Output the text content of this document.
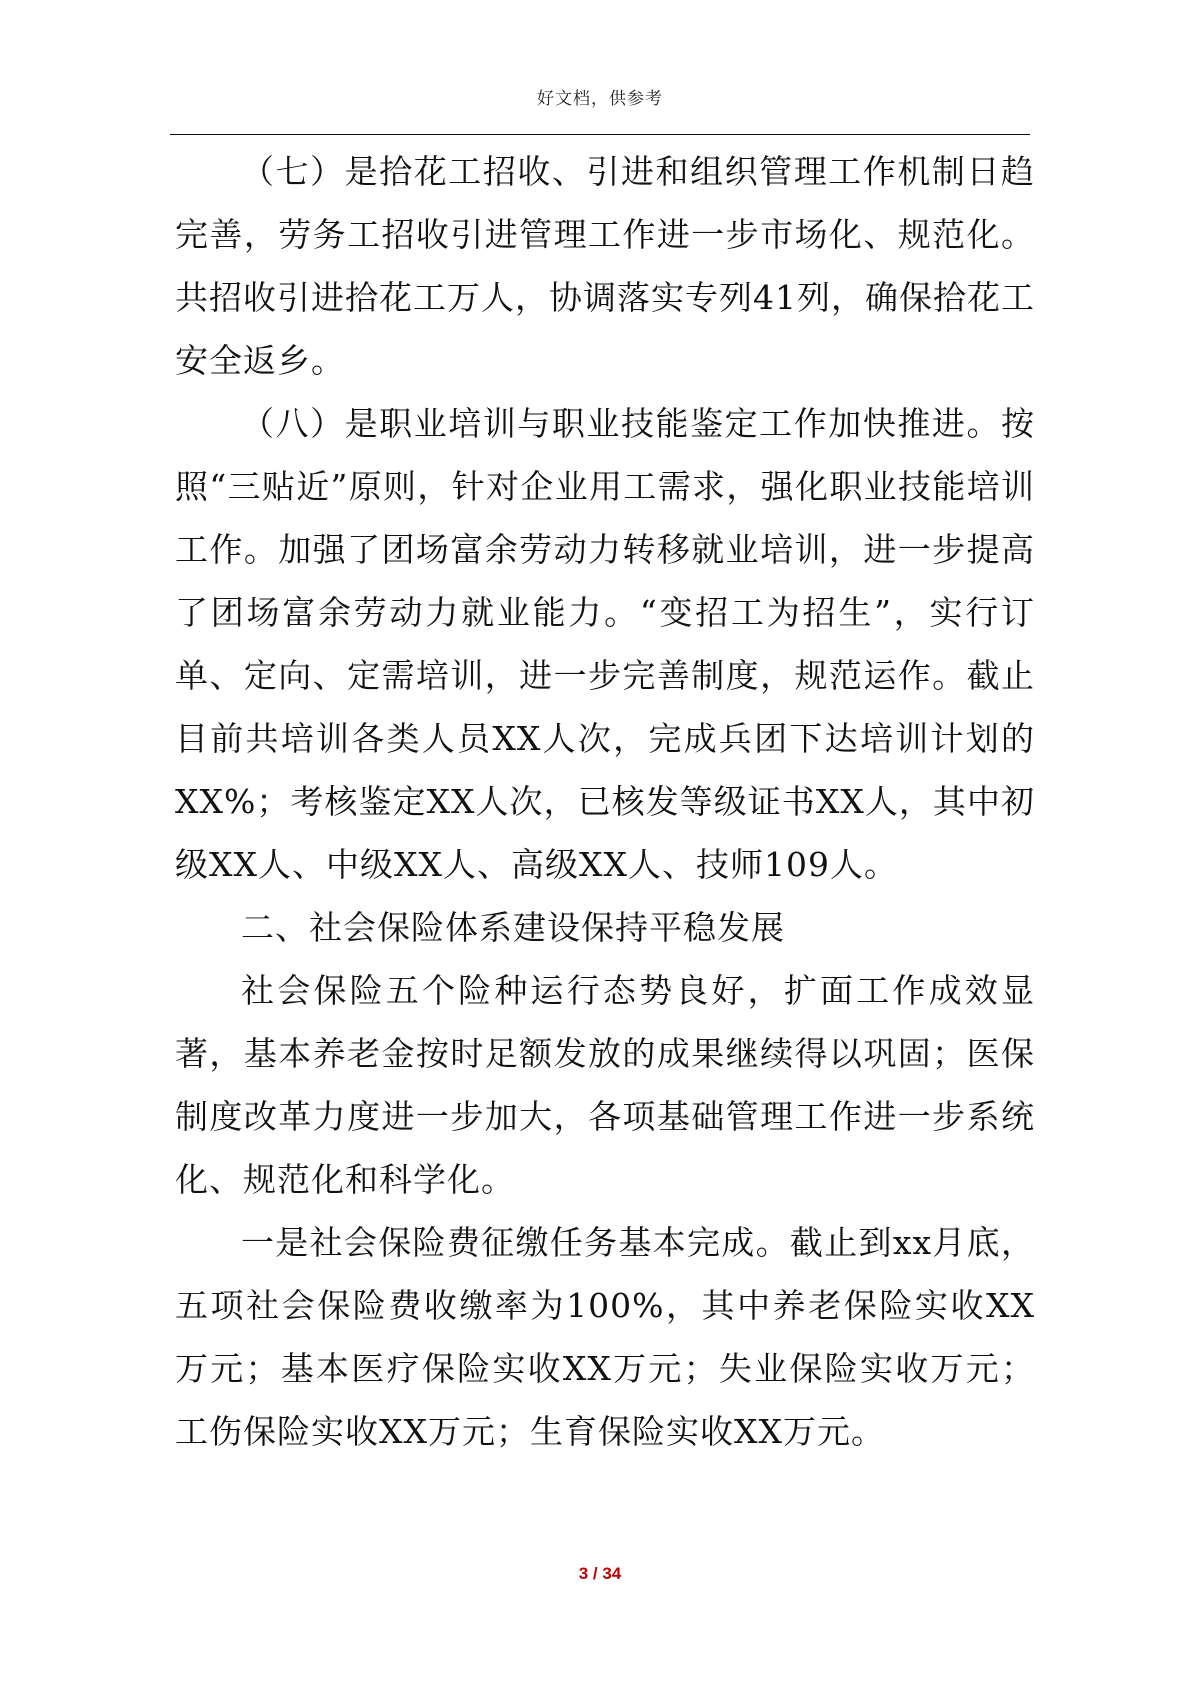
好文档，供参考

（七）是拾花工招收、引进和组织管理工作机制日趋完善，劳务工招收引进管理工作进一步市场化、规范化。共招收引进拾花工万人，协调落实专列41列，确保拾花工安全返乡。

（八）是职业培训与职业技能鉴定工作加快推进。按照“三贴近”原则，针对企业用工需求，强化职业技能培训工作。加强了团场富余劳动力转移就业培训，进一步提高了团场富余劳动力就业能力。“变招工为招生”，实行订单、定向、定需培训，进一步完善制度，规范运作。截止目前共培训各类人员XX人次，完成兵团下达培训计划的XX%；考核鉴定XX人次，已核发等级证书XX人，其中初级XX人、中级XX人、高级XX人、技师109人。

二、社会保险体系建设保持平稳发展

社会保险五个险种运行态势良好，扩面工作成效显著，基本养老金按时足额发放的成果继续得以巩固；医保制度改革力度进一步加大，各项基础管理工作进一步系统化、规范化和科学化。

一是社会保险费征缴任务基本完成。截止到xx月底，五项社会保险费收缴率为100%，其中养老保险实收XX万元；基本医疗保险实收XX万元；失业保险实收万元；工伤保险实收XX万元；生育保险实收XX万元。

3 / 34
